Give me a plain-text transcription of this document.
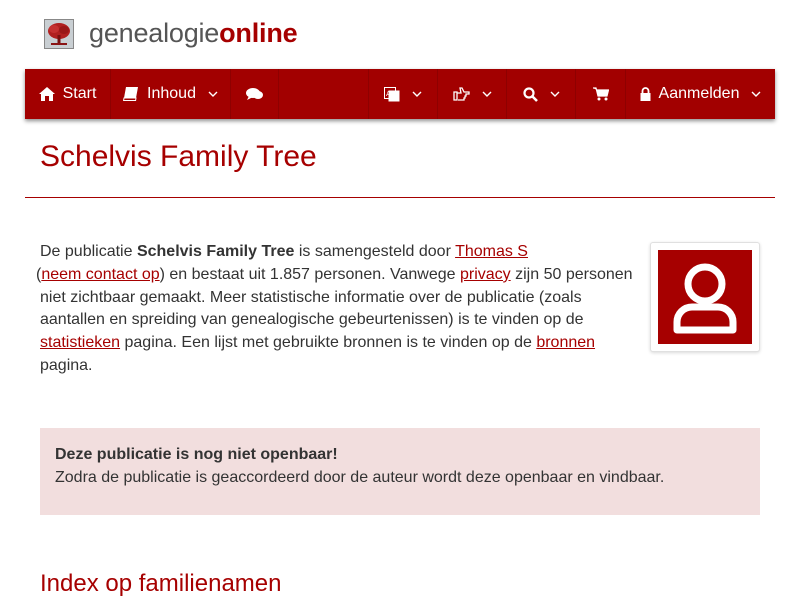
genealogieonline
Start	Inhoud	A	Aanmelden
Schelvis Family Tree
De publicatie Schelvis Family Tree is samengesteld door Thomas S
(neem contact op) en bestaat uit 1.857 personen. Vanwege privacy zijn 50 personen niet zichtbaar gemaakt. Meer statistische informatie over de publicatie (zoals aantallen en spreiding van genealogische gebeurtenissen) is te vinden op de statistieken pagina. Een lijst met gebruikte bronnen is te vinden op de bronnen pagina.
Deze publicatie is nog niet openbaar!
Zodra de publicatie is geaccordeerd door de auteur wordt deze openbaar en vindbaar.
Index op familienamen
